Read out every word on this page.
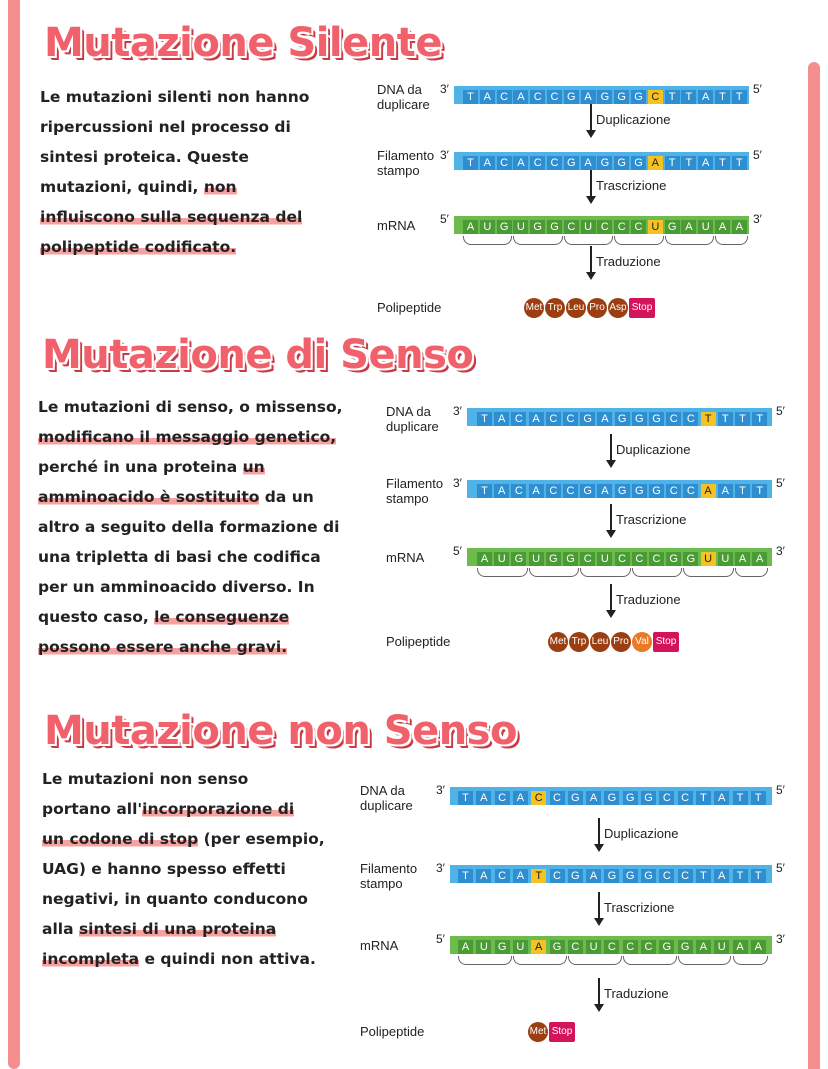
Mutazione Silente

Le mutazioni silenti non hanno

ripercussioni nel processo di

sintesi proteica. Queste

mutazioni, quindi, non

influiscono sulla sequenza del

polipeptide codificato.

Mutazione di Senso

Le mutazioni di senso, o missenso,

modificano il messaggio genetico,

perché in una proteina un

amminoacido è sostituito da un

altro a seguito della formazione di

una tripletta di basi che codifica

per un amminoacido diverso. In

questo caso, le conseguenze

possono essere anche gravi.

Mutazione non Senso

Le mutazioni non senso

portano all'incorporazione di

un codone di stop (per esempio,

UAG) e hanno spesso effetti

negativi, in quanto conducono

alla sintesi di una proteina

incompleta e quindi non attiva.

DNA da
duplicare
3′	5′
T A C A C C G A G G G C T T A T T
Filamento
stampo
3′	5′
T A C A C C G A G G G A T T A T T
mRNA 5′	3′
A U G U G G C U C C C U G A U A A
Duplicazione
Trascrizione
Traduzione
Polipeptide	Met Trp Leu Pro Asp Stop
DNA da
duplicare
3′	5′
T A C A C C G A G G G C C T T T T
Filamento
stampo
3′	5′
T A C A C C G A G G G C C A A T T
mRNA 5′	3′
A U G U G G C U C C C G G U U A A
Duplicazione
Trascrizione
Traduzione
Polipeptide	Met Trp Leu Pro Val Stop
DNA da
duplicare
3′	5′
T	A C A C C G A G G G C C T	A	T	T
Filamento
stampo
3′	5′
T	A C A	T C G A G G G C C T	A	T	T
mRNA	5′	3′
A U G U A G C U C C C G G A U A A
Duplicazione
Trascrizione
Traduzione
Polipeptide	Met Stop
